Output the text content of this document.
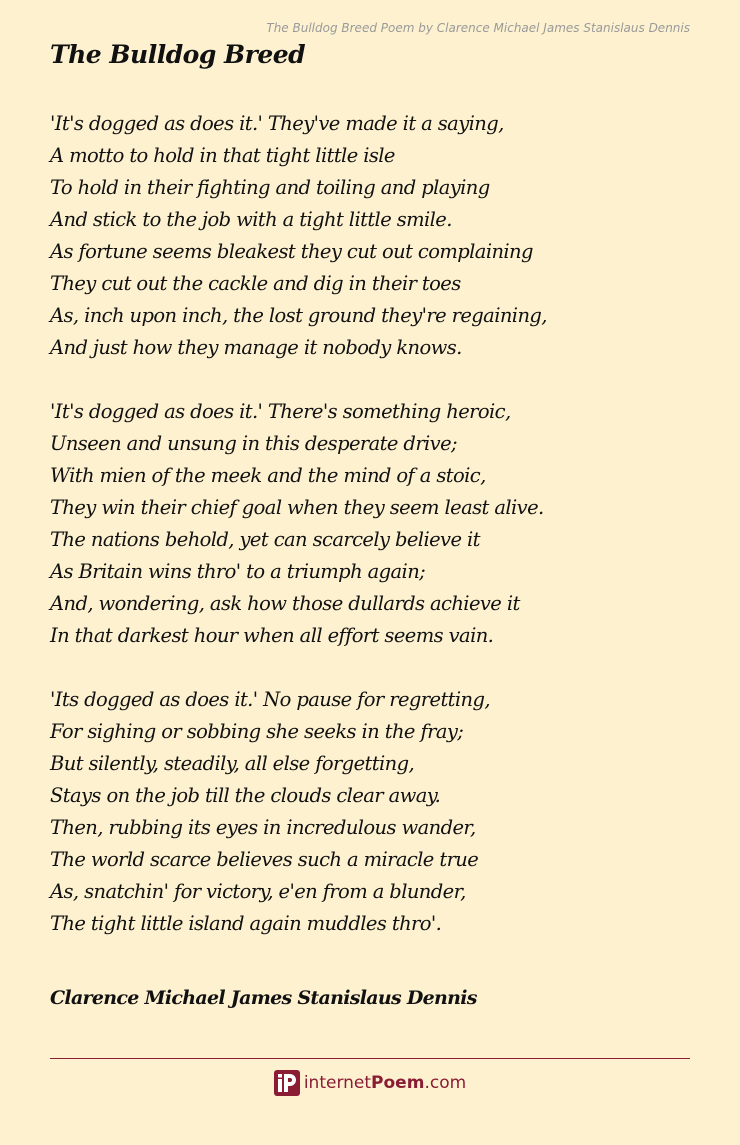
The Bulldog Breed Poem by Clarence Michael James Stanislaus Dennis
The Bulldog Breed
'It's dogged as does it.' They've made it a saying,
A motto to hold in that tight little isle
To hold in their fighting and toiling and playing
And stick to the job with a tight little smile.
As fortune seems bleakest they cut out complaining
They cut out the cackle and dig in their toes
As, inch upon inch, the lost ground they're regaining,
And just how they manage it nobody knows.
'It's dogged as does it.' There's something heroic,
Unseen and unsung in this desperate drive;
With mien of the meek and the mind of a stoic,
They win their chief goal when they seem least alive.
The nations behold, yet can scarcely believe it
As Britain wins thro' to a triumph again;
And, wondering, ask how those dullards achieve it
In that darkest hour when all effort seems vain.
'Its dogged as does it.' No pause for regretting,
For sighing or sobbing she seeks in the fray;
But silently, steadily, all else forgetting,
Stays on the job till the clouds clear away.
Then, rubbing its eyes in incredulous wander,
The world scarce believes such a miracle true
As, snatchin' for victory, e'en from a blunder,
The tight little island again muddles thro'.
Clarence Michael James Stanislaus Dennis
internetPoem.com
